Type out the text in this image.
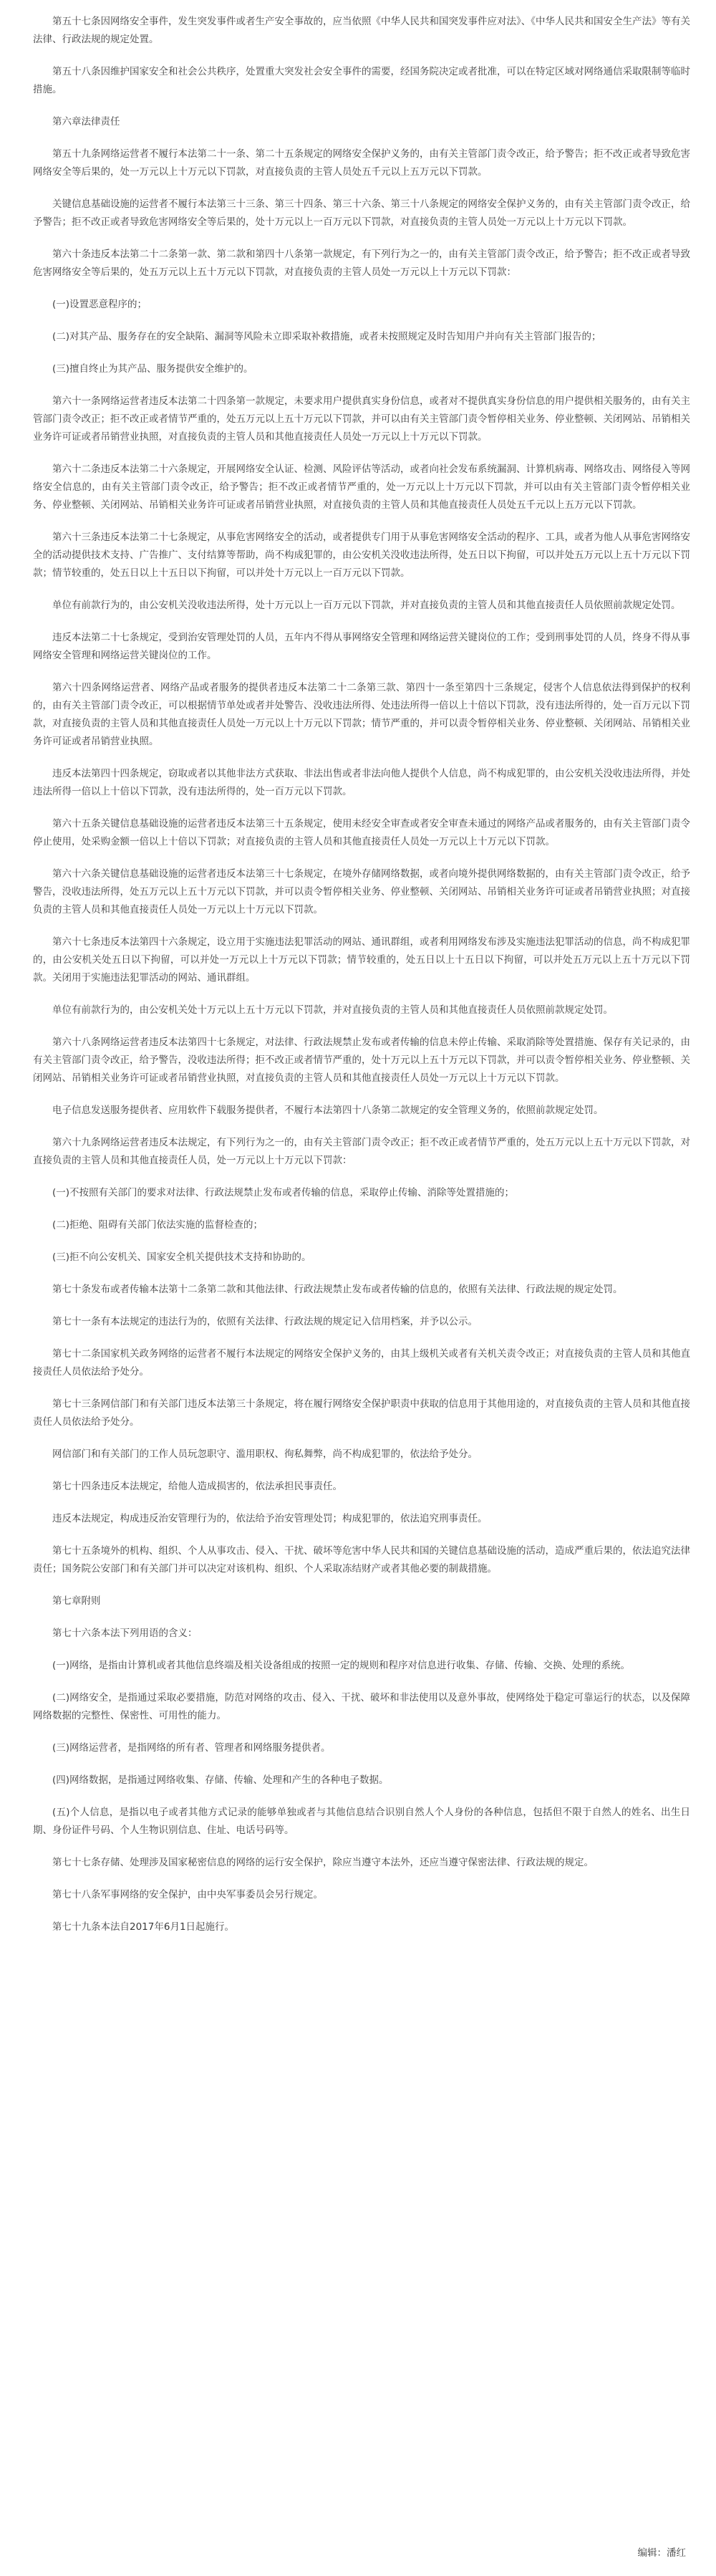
第五十七条因网络安全事件，发生突发事件或者生产安全事故的，应当依照《中华人民共和国突发事件应对法》、《中华人民共和国安全生产法》等有关法律、行政法规的规定处置。

第五十八条因维护国家安全和社会公共秩序，处置重大突发社会安全事件的需要，经国务院决定或者批准，可以在特定区域对网络通信采取限制等临时措施。

第六章法律责任

第五十九条网络运营者不履行本法第二十一条、第二十五条规定的网络安全保护义务的，由有关主管部门责令改正，给予警告；拒不改正或者导致危害网络安全等后果的，处一万元以上十万元以下罚款，对直接负责的主管人员处五千元以上五万元以下罚款。

关键信息基础设施的运营者不履行本法第三十三条、第三十四条、第三十六条、第三十八条规定的网络安全保护义务的，由有关主管部门责令改正，给予警告；拒不改正或者导致危害网络安全等后果的，处十万元以上一百万元以下罚款，对直接负责的主管人员处一万元以上十万元以下罚款。

第六十条违反本法第二十二条第一款、第二款和第四十八条第一款规定，有下列行为之一的，由有关主管部门责令改正，给予警告；拒不改正或者导致危害网络安全等后果的，处五万元以上五十万元以下罚款，对直接负责的主管人员处一万元以上十万元以下罚款：

(一)设置恶意程序的；

(二)对其产品、服务存在的安全缺陷、漏洞等风险未立即采取补救措施，或者未按照规定及时告知用户并向有关主管部门报告的；

(三)擅自终止为其产品、服务提供安全维护的。

第六十一条网络运营者违反本法第二十四条第一款规定，未要求用户提供真实身份信息，或者对不提供真实身份信息的用户提供相关服务的，由有关主管部门责令改正；拒不改正或者情节严重的，处五万元以上五十万元以下罚款，并可以由有关主管部门责令暂停相关业务、停业整顿、关闭网站、吊销相关业务许可证或者吊销营业执照，对直接负责的主管人员和其他直接责任人员处一万元以上十万元以下罚款。

第六十二条违反本法第二十六条规定，开展网络安全认证、检测、风险评估等活动，或者向社会发布系统漏洞、计算机病毒、网络攻击、网络侵入等网络安全信息的，由有关主管部门责令改正，给予警告；拒不改正或者情节严重的，处一万元以上十万元以下罚款，并可以由有关主管部门责令暂停相关业务、停业整顿、关闭网站、吊销相关业务许可证或者吊销营业执照，对直接负责的主管人员和其他直接责任人员处五千元以上五万元以下罚款。

第六十三条违反本法第二十七条规定，从事危害网络安全的活动，或者提供专门用于从事危害网络安全活动的程序、工具，或者为他人从事危害网络安全的活动提供技术支持、广告推广、支付结算等帮助，尚不构成犯罪的，由公安机关没收违法所得，处五日以下拘留，可以并处五万元以上五十万元以下罚款；情节较重的，处五日以上十五日以下拘留，可以并处十万元以上一百万元以下罚款。

单位有前款行为的，由公安机关没收违法所得，处十万元以上一百万元以下罚款，并对直接负责的主管人员和其他直接责任人员依照前款规定处罚。

违反本法第二十七条规定，受到治安管理处罚的人员，五年内不得从事网络安全管理和网络运营关键岗位的工作；受到刑事处罚的人员，终身不得从事网络安全管理和网络运营关键岗位的工作。

第六十四条网络运营者、网络产品或者服务的提供者违反本法第二十二条第三款、第四十一条至第四十三条规定，侵害个人信息依法得到保护的权利的，由有关主管部门责令改正，可以根据情节单处或者并处警告、没收违法所得、处违法所得一倍以上十倍以下罚款，没有违法所得的，处一百万元以下罚款，对直接负责的主管人员和其他直接责任人员处一万元以上十万元以下罚款；情节严重的，并可以责令暂停相关业务、停业整顿、关闭网站、吊销相关业务许可证或者吊销营业执照。

违反本法第四十四条规定，窃取或者以其他非法方式获取、非法出售或者非法向他人提供个人信息，尚不构成犯罪的，由公安机关没收违法所得，并处违法所得一倍以上十倍以下罚款，没有违法所得的，处一百万元以下罚款。

第六十五条关键信息基础设施的运营者违反本法第三十五条规定，使用未经安全审查或者安全审查未通过的网络产品或者服务的，由有关主管部门责令停止使用，处采购金额一倍以上十倍以下罚款；对直接负责的主管人员和其他直接责任人员处一万元以上十万元以下罚款。

第六十六条关键信息基础设施的运营者违反本法第三十七条规定，在境外存储网络数据，或者向境外提供网络数据的，由有关主管部门责令改正，给予警告，没收违法所得，处五万元以上五十万元以下罚款，并可以责令暂停相关业务、停业整顿、关闭网站、吊销相关业务许可证或者吊销营业执照；对直接负责的主管人员和其他直接责任人员处一万元以上十万元以下罚款。

第六十七条违反本法第四十六条规定，设立用于实施违法犯罪活动的网站、通讯群组，或者利用网络发布涉及实施违法犯罪活动的信息，尚不构成犯罪的，由公安机关处五日以下拘留，可以并处一万元以上十万元以下罚款；情节较重的，处五日以上十五日以下拘留，可以并处五万元以上五十万元以下罚款。关闭用于实施违法犯罪活动的网站、通讯群组。

单位有前款行为的，由公安机关处十万元以上五十万元以下罚款，并对直接负责的主管人员和其他直接责任人员依照前款规定处罚。

第六十八条网络运营者违反本法第四十七条规定，对法律、行政法规禁止发布或者传输的信息未停止传输、采取消除等处置措施、保存有关记录的，由有关主管部门责令改正，给予警告，没收违法所得；拒不改正或者情节严重的，处十万元以上五十万元以下罚款，并可以责令暂停相关业务、停业整顿、关闭网站、吊销相关业务许可证或者吊销营业执照，对直接负责的主管人员和其他直接责任人员处一万元以上十万元以下罚款。

电子信息发送服务提供者、应用软件下载服务提供者，不履行本法第四十八条第二款规定的安全管理义务的，依照前款规定处罚。

第六十九条网络运营者违反本法规定，有下列行为之一的，由有关主管部门责令改正；拒不改正或者情节严重的，处五万元以上五十万元以下罚款，对直接负责的主管人员和其他直接责任人员，处一万元以上十万元以下罚款：

(一)不按照有关部门的要求对法律、行政法规禁止发布或者传输的信息，采取停止传输、消除等处置措施的；

(二)拒绝、阻碍有关部门依法实施的监督检查的；

(三)拒不向公安机关、国家安全机关提供技术支持和协助的。

第七十条发布或者传输本法第十二条第二款和其他法律、行政法规禁止发布或者传输的信息的，依照有关法律、行政法规的规定处罚。

第七十一条有本法规定的违法行为的，依照有关法律、行政法规的规定记入信用档案，并予以公示。

第七十二条国家机关政务网络的运营者不履行本法规定的网络安全保护义务的，由其上级机关或者有关机关责令改正；对直接负责的主管人员和其他直接责任人员依法给予处分。

第七十三条网信部门和有关部门违反本法第三十条规定，将在履行网络安全保护职责中获取的信息用于其他用途的，对直接负责的主管人员和其他直接责任人员依法给予处分。

网信部门和有关部门的工作人员玩忽职守、滥用职权、徇私舞弊，尚不构成犯罪的，依法给予处分。

第七十四条违反本法规定，给他人造成损害的，依法承担民事责任。

违反本法规定，构成违反治安管理行为的，依法给予治安管理处罚；构成犯罪的，依法追究刑事责任。

第七十五条境外的机构、组织、个人从事攻击、侵入、干扰、破坏等危害中华人民共和国的关键信息基础设施的活动，造成严重后果的，依法追究法律责任；国务院公安部门和有关部门并可以决定对该机构、组织、个人采取冻结财产或者其他必要的制裁措施。

第七章附则

第七十六条本法下列用语的含义：

(一)网络，是指由计算机或者其他信息终端及相关设备组成的按照一定的规则和程序对信息进行收集、存储、传输、交换、处理的系统。

(二)网络安全，是指通过采取必要措施，防范对网络的攻击、侵入、干扰、破坏和非法使用以及意外事故，使网络处于稳定可靠运行的状态，以及保障网络数据的完整性、保密性、可用性的能力。

(三)网络运营者，是指网络的所有者、管理者和网络服务提供者。

(四)网络数据，是指通过网络收集、存储、传输、处理和产生的各种电子数据。

(五)个人信息，是指以电子或者其他方式记录的能够单独或者与其他信息结合识别自然人个人身份的各种信息，包括但不限于自然人的姓名、出生日期、身份证件号码、个人生物识别信息、住址、电话号码等。

第七十七条存储、处理涉及国家秘密信息的网络的运行安全保护，除应当遵守本法外，还应当遵守保密法律、行政法规的规定。

第七十八条军事网络的安全保护，由中央军事委员会另行规定。

第七十九条本法自2017年6月1日起施行。

编辑：潘红
